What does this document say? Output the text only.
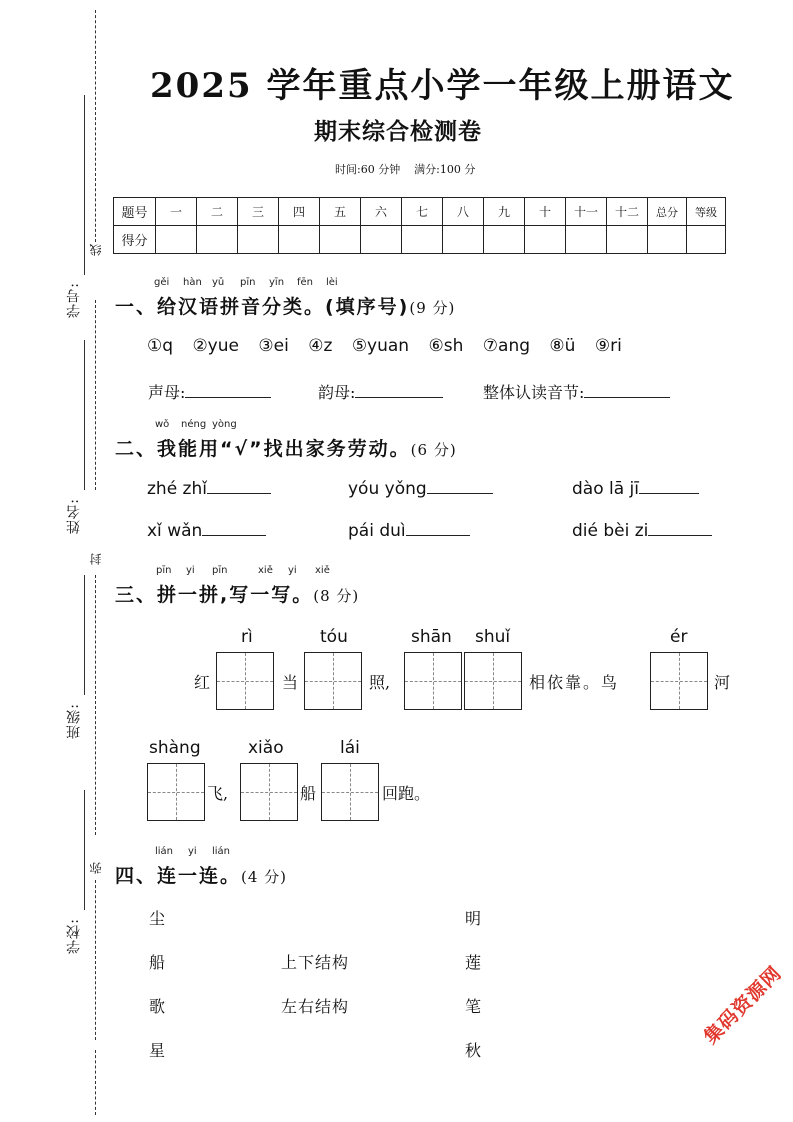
线
封
弥
学号:
姓名:
班级:
学校:
2025 学年重点小学一年级上册语文
期末综合检测卷
时间:60 分钟    满分:100 分
题号	一	二	三	四	五	六	七	八	九	十	十一	十二	总分	等级
得分														
gěi hàn yǔ pīn yīn fēn lèi
一、给汉语拼音分类。(填序号)(9 分)
①q ②yue ③ei ④z ⑤yuan ⑥sh ⑦ang ⑧ü ⑨ri
声母:	韵母:	整体认读音节:
wǒ néng yòng
二、我能用“√”找出家务劳动。(6 分)
zhé zhǐ	yóu yǒng	dào lā jī
xǐ wǎn	pái duì	dié bèi zi
pīn yi pīn	xiě yi xiě
三、拼一拼,写一写。(8 分)
rì	tóu	shān shuǐ	ér
红	当	照,	相依靠。鸟	河
shàng	xiǎo	lái
飞,	船	回跑。
lián yi lián
四、连一连。(4 分)
尘
船
歌
星
上下结构
左右结构
明
莲
笔
秋
集码资源网
